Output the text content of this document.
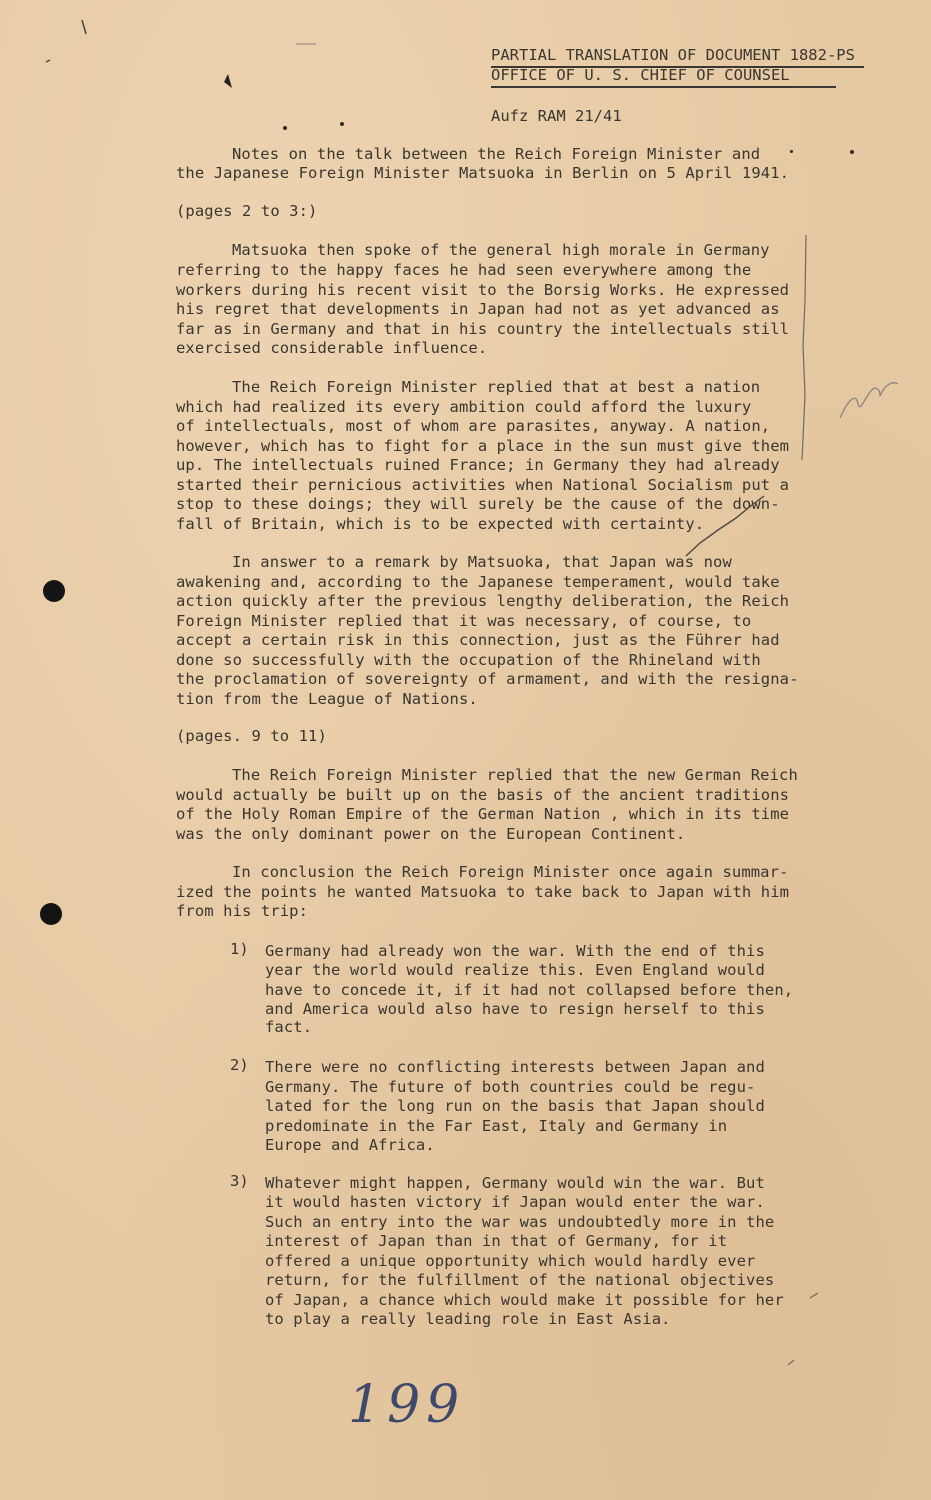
PARTIAL TRANSLATION OF DOCUMENT 1882-PS
OFFICE OF U. S. CHIEF OF COUNSEL
Aufz RAM 21/41
Notes on the talk between the Reich Foreign Minister and
the Japanese Foreign Minister Matsuoka in Berlin on 5 April 1941.
(pages 2 to 3:)
Matsuoka then spoke of the general high morale in Germany
referring to the happy faces he had seen everywhere among the
workers during his recent visit to the Borsig Works. He expressed
his regret that developments in Japan had not as yet advanced as
far as in Germany and that in his country the intellectuals still
exercised considerable influence.
The Reich Foreign Minister replied that at best a nation
which had realized its every ambition could afford the luxury
of intellectuals, most of whom are parasites, anyway. A nation,
however, which has to fight for a place in the sun must give them
up. The intellectuals ruined France; in Germany they had already
started their pernicious activities when National Socialism put a
stop to these doings; they will surely be the cause of the down-
fall of Britain, which is to be expected with certainty.
In answer to a remark by Matsuoka, that Japan was now
awakening and, according to the Japanese temperament, would take
action quickly after the previous lengthy deliberation, the Reich
Foreign Minister replied that it was necessary, of course, to
accept a certain risk in this connection, just as the Führer had
done so successfully with the occupation of the Rhineland with
the proclamation of sovereignty of armament, and with the resigna-
tion from the League of Nations.
(pages. 9 to 11)
The Reich Foreign Minister replied that the new German Reich
would actually be built up on the basis of the ancient traditions
of the Holy Roman Empire of the German Nation , which in its time
was the only dominant power on the European Continent.
In conclusion the Reich Foreign Minister once again summar-
ized the points he wanted Matsuoka to take back to Japan with him
from his trip:
1) Germany had already won the war. With the end of this
year the world would realize this. Even England would
have to concede it, if it had not collapsed before then,
and America would also have to resign herself to this
fact.
2) There were no conflicting interests between Japan and
Germany. The future of both countries could be regu-
lated for the long run on the basis that Japan should
predominate in the Far East, Italy and Germany in
Europe and Africa.
3) Whatever might happen, Germany would win the war. But
it would hasten victory if Japan would enter the war.
Such an entry into the war was undoubtedly more in the
interest of Japan than in that of Germany, for it
offered a unique opportunity which would hardly ever
return, for the fulfillment of the national objectives
of Japan, a chance which would make it possible for her
to play a really leading role in East Asia.
199
